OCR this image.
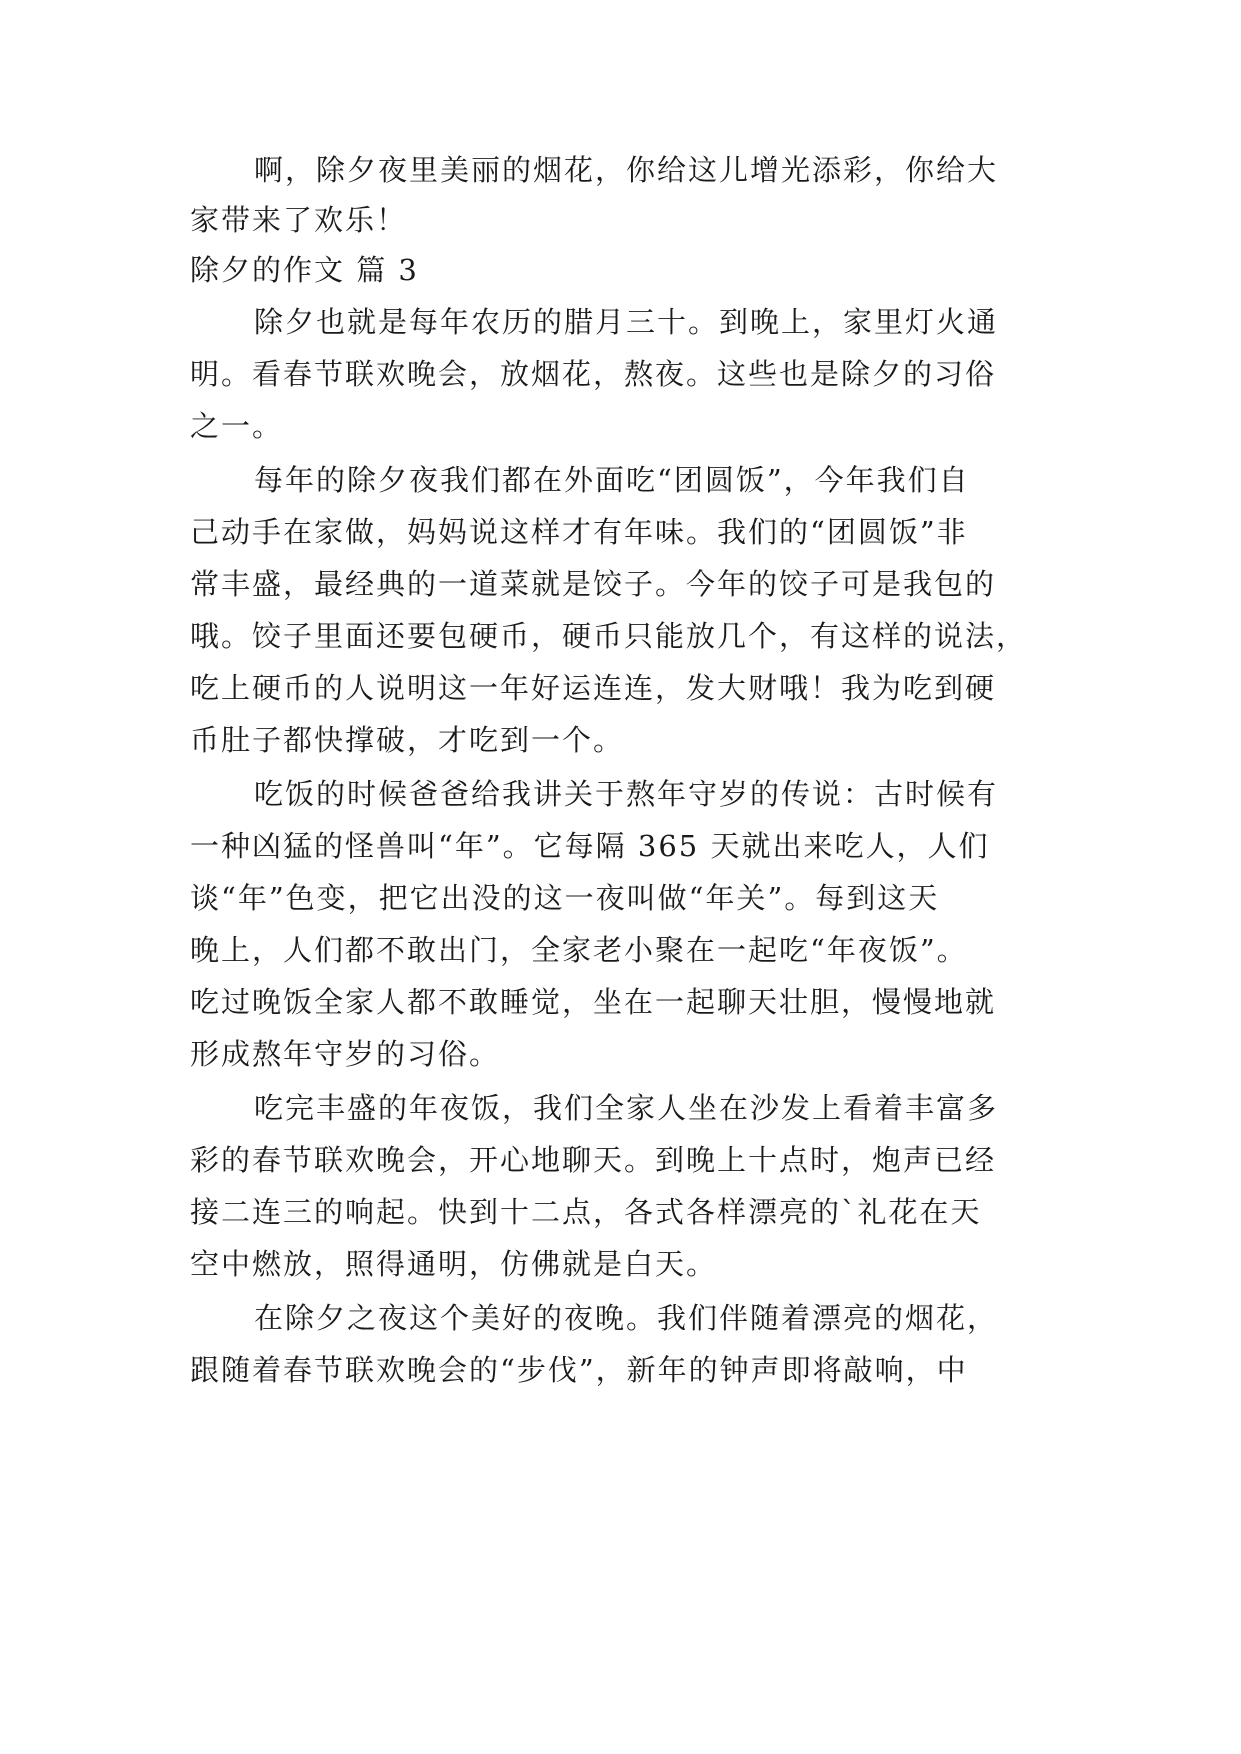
啊，除夕夜里美丽的烟花，你给这儿增光添彩，你给大
家带来了欢乐！
除夕的作文 篇 3
除夕也就是每年农历的腊月三十。到晚上，家里灯火通
明。看春节联欢晚会，放烟花，熬夜。这些也是除夕的习俗
之一。
每年的除夕夜我们都在外面吃“团圆饭”，今年我们自
己动手在家做，妈妈说这样才有年味。我们的“团圆饭”非
常丰盛，最经典的一道菜就是饺子。今年的饺子可是我包的
哦。饺子里面还要包硬币，硬币只能放几个，有这样的说法，
吃上硬币的人说明这一年好运连连，发大财哦！我为吃到硬
币肚子都快撑破，才吃到一个。
吃饭的时候爸爸给我讲关于熬年守岁的传说：古时候有
一种凶猛的怪兽叫“年”。它每隔 365 天就出来吃人，人们
谈“年”色变，把它出没的这一夜叫做“年关”。每到这天
晚上，人们都不敢出门，全家老小聚在一起吃“年夜饭”。
吃过晚饭全家人都不敢睡觉，坐在一起聊天壮胆，慢慢地就
形成熬年守岁的习俗。
吃完丰盛的年夜饭，我们全家人坐在沙发上看着丰富多
彩的春节联欢晚会，开心地聊天。到晚上十点时，炮声已经
接二连三的响起。快到十二点，各式各样漂亮的`礼花在天
空中燃放，照得通明，仿佛就是白天。
在除夕之夜这个美好的夜晚。我们伴随着漂亮的烟花，
跟随着春节联欢晚会的“步伐”，新年的钟声即将敲响，中
